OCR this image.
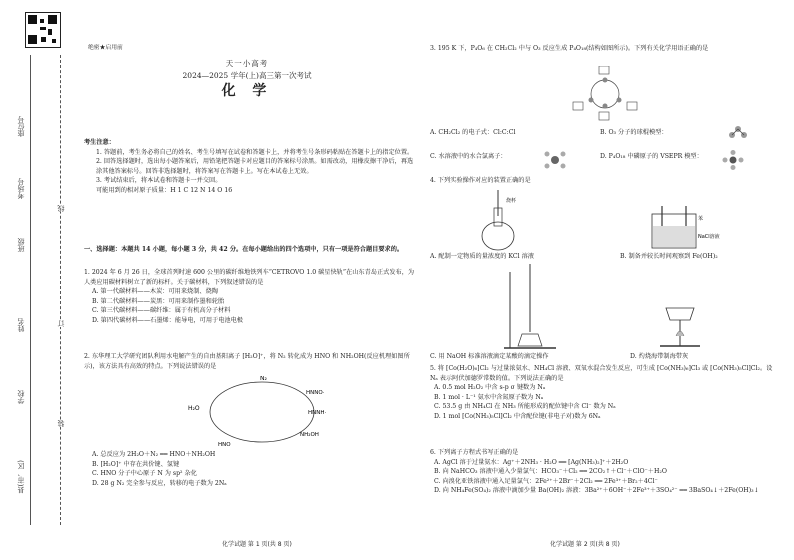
县(市、区)
学校
姓名
班级
考场号
座位号
线
订
装

绝密★启用前

天一小高考

2024—2025 学年(上)高三第一次考试

化 学

考生注意：

1. 答题前，考生务必将自己的姓名、考生号填写在试卷和答题卡上，并将考生号条形码粘贴在答题卡上的指定位置。

2. 回答选择题时，选出每小题答案后，用铅笔把答题卡对应题目的答案标号涂黑。如需改动，用橡皮擦干净后，再选涂其他答案标号。回答非选择题时，将答案写在答题卡上。写在本试卷上无效。

3. 考试结束后，将本试卷和答题卡一并交回。

可能用到的相对原子质量：H 1 C 12 N 14 O 16

一、选择题：本题共 14 小题，每小题 3 分，共 42 分。在每小题给出的四个选项中，只有一项是符合题目要求的。

1. 2024 年 6 月 26 日，全球首列时速 600 公里的碳纤维地铁列车“CETROVO 1.0 碳星快轨”在山东青岛正式发布，为人类应用碳材料树立了新的标杆。关于碳材料，下列叙述错误的是

A. 第一代碳材料——木炭：可用来烧制、烧陶

B. 第二代碳材料——炭黑：可用来制作墨和轮胎

C. 第三代碳材料——碳纤维：属于有机高分子材料

D. 第四代碳材料——石墨烯：能导电，可用于电池电极

2. 东华理工大学研究团队利用水电解产生的自由基阳离子 [H₂O]⁺，将 N₂ 转化成为 HNO 和 NH₂OH(反应机理如图所示)，该方法具有高效的特点。下列说法错误的是

H₂O
N₂
HNNO·
HNNH·
NH₂OH
HNO

A. 总反应为 2H₂O＋N₂ ══ HNO＋NH₂OH

B. [H₂O]⁺ 中存在共价键、氢键

C. HNO 分子中心原子 N 为 sp² 杂化

D. 28 g N₂ 完全参与反应，转移的电子数为 2Nₐ

化学试题 第 1 页(共 8 页)

3. 195 K 下，P₄O₆ 在 CH₂Cl₂ 中与 O₃ 反应生成 P₄O₁₈(结构如图所示)。下列有关化学用语正确的是

A. CH₂Cl₂ 的电子式：Cl:C:Cl	B. O₃ 分子的球棍模型：

C. 水溶液中的水合氯离子：	D. P₄O₁₈ 中磷原子的 VSEPR 模型：

4. 下列实验操作对应的装置正确的是

烧杯

A. 配制一定物质的量浓度的 KCl 溶液

NaCl溶液
苯

B. 制备并较长时间观察到 Fe(OH)₂

C. 用 NaOH 标准溶液滴定某酸的滴定操作	D. 灼烧海带制海带灰

5. 将 [Co(H₂O)₆]Cl₂ 与过量浓氨水、NH₄Cl 溶液、双氧水混合发生反应，可生成 [Co(NH₃)₆]Cl₃ 或 [Co(NH₃)₅Cl]Cl₂。设 Nₐ 表示阿伏加德罗常数的值。下列说法正确的是

A. 0.5 mol H₂O₂ 中含 s-p σ 键数为 Nₐ

B. 1 mol · L⁻¹ 氨水中含氮原子数为 Nₐ

C. 53.5 g 由 NH₄Cl 在 NH₃ 所能形成的配位键中含 Cl⁻ 数为 Nₐ

D. 1 mol [Co(NH₃)₅Cl]Cl₂ 中含配位键(非电子对)数为 6Nₐ

6. 下列离子方程式书写正确的是

A. AgCl 溶于过量氨水：Ag⁺＋2NH₃ · H₂O ══ [Ag(NH₃)₂]⁺＋2H₂O

B. 向 NaHCO₃ 溶液中通入少量氯气：HCO₃⁻＋Cl₂ ══ 2CO₂↑＋Cl⁻＋ClO⁻＋H₂O

C. 向溴化亚铁溶液中通入足量氯气：2Fe²⁺＋2Br⁻＋2Cl₂ ══ 2Fe³⁺＋Br₂＋4Cl⁻

D. 向 NH₄Fe(SO₄)₂ 溶液中滴加少量 Ba(OH)₂ 溶液：3Ba²⁺＋6OH⁻＋2Fe³⁺＋3SO₄²⁻ ══ 3BaSO₄↓＋2Fe(OH)₃↓

化学试题 第 2 页(共 8 页)
